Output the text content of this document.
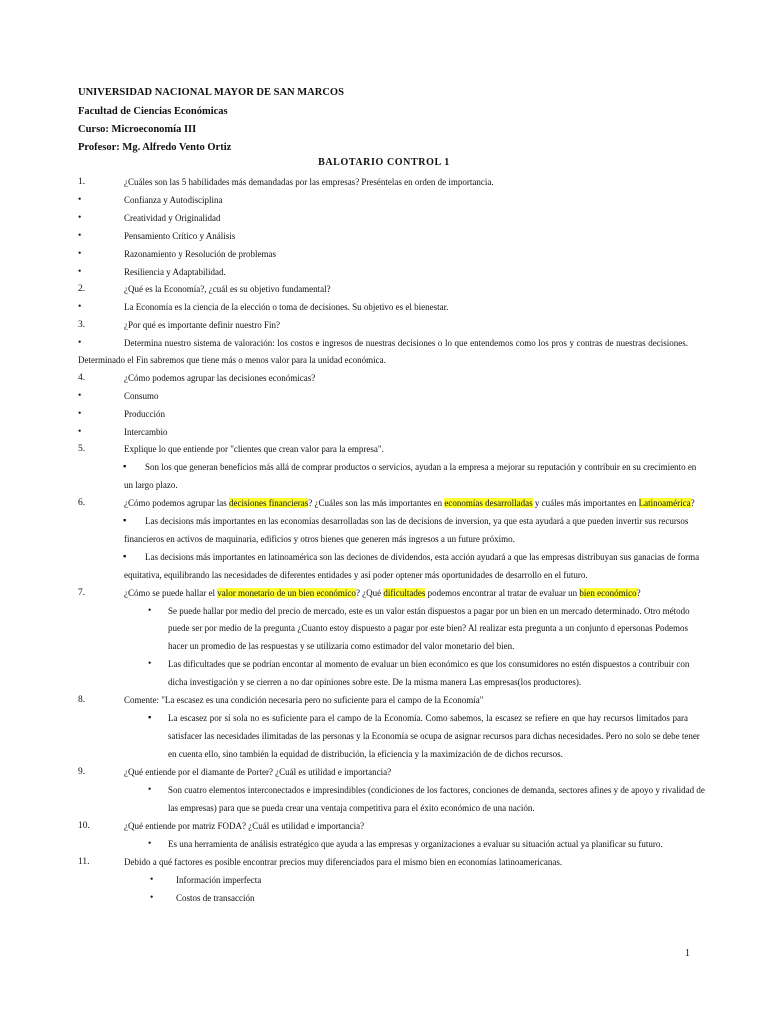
UNIVERSIDAD NACIONAL MAYOR DE SAN MARCOS
Facultad de Ciencias Económicas
Curso: Microeconomía III
Profesor: Mg. Alfredo Vento Ortiz
BALOTARIO CONTROL 1
1.	¿Cuáles son las 5 habilidades más demandadas por las empresas? Preséntelas en orden de importancia.
•	Confianza y Autodisciplina
•	Creatividad y Originalidad
•	Pensamiento Crítico y Análisis
•	Razonamiento y Resolución de problemas
•	Resiliencia y Adaptabilidad.
2.	¿Qué es la Economía?, ¿cuál es su objetivo fundamental?
•	La Economía es la ciencia de la elección o toma de decisiones. Su objetivo es el bienestar.
3.	¿Por qué es importante definir nuestro Fin?
•	Determina nuestro sistema de valoración: los costos e ingresos de nuestras decisiones o lo que entendemos como los pros y contras de nuestras decisiones.
Determinado el Fin sabremos que tiene más o menos valor para la unidad económica.
4.	¿Cómo podemos agrupar las decisiones económicas?
•	Consumo
•	Producción
•	Intercambio
5.	Explique lo que entiende por "clientes que crean valor para la empresa".
▪ Son los que generan beneficios más allá de comprar productos o servicios, ayudan a la empresa a mejorar su reputación y contribuir en su crecimiento en
un largo plazo.
6.	¿Cómo podemos agrupar las decisiones financieras? ¿Cuáles son las más importantes en economías desarrolladas y cuáles más importantes en Latinoamérica?
▪ Las decisions más importantes en las economías desarrolladas son las de decisions de inversion, ya que esta ayudará a que pueden invertir sus recursos
financieros en activos de maquinaria, edificios y otros bienes que generen más ingresos a un future próximo.
▪ Las decisions más importantes en latinoamérica son las deciones de dividendos, esta acción ayudará a que las empresas distribuyan sus ganacias de forma
equitativa, equilibrando las necesidades de diferentes entidades y así poder optener más oportunidades de desarrollo en el futuro.
7.	¿Cómo se puede hallar el valor monetario de un bien económico? ¿Qué dificultades podemos encontrar al tratar de evaluar un bien económico?
• Se puede hallar por medio del precio de mercado, este es un valor están dispuestos a pagar por un bien en un mercado determinado. Otro método
puede ser por medio de la pregunta ¿Cuanto estoy dispuesto a pagar por este bien? Al realizar esta pregunta a un conjunto d epersonas Podemos
hacer un promedio de las respuestas y se utilizaría como estimador del valor monetario del bien.
• Las dificultades que se podrían encontar al momento de evaluar un bien económico es que los consumidores no estén dispuestos a contribuir con
dicha investigación y se cierren a no dar opiniones sobre este. De la misma manera Las empresas(los productores).
8.	Comente: "La escasez es una condición necesaria pero no suficiente para el campo de la Economía"
▪ La escasez por sí sola no es suficiente para el campo de la Economía. Como sabemos, la escasez se refiere en que hay recursos limitados para
satisfacer las necesidades ilimitadas de las personas y la Economía se ocupa de asignar recursos para dichas necesidades. Pero no solo se debe tener
en cuenta ello, sino también la equidad de distribución, la eficiencia y la maximización de de dichos recursos.
9.	¿Qué entiende por el diamante de Porter? ¿Cuál es utilidad e importancia?
• Son cuatro elementos interconectados e impresindibles (condiciones de los factores, conciones de demanda, sectores afines y de apoyo y rivalidad de
las empresas) para que se pueda crear una ventaja competitiva para el éxito económico de una nación.
10.	¿Qué entiende por matriz FODA? ¿Cuál es utilidad e importancia?
• Es una herramienta de análisis estratégico que ayuda a las empresas y organizaciones a evaluar su situación actual ya planificar su futuro.
11.	Debido a qué factores es posible encontrar precios muy diferenciados para el mismo bien en economías latinoamericanas.
•	Información imperfecta
•	Costos de transacción
1
